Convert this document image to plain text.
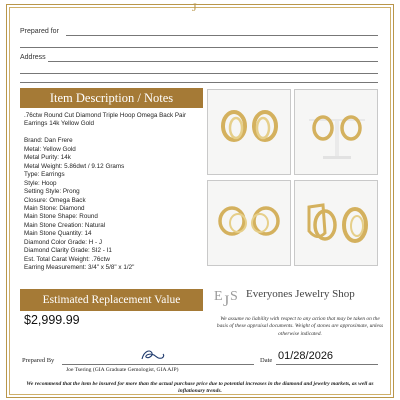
J
Prepared for
Address
Item Description / Notes
.76ctw Round Cut Diamond Triple Hoop Omega Back Pair Earrings 14k Yellow Gold
Brand: Dan Frere
Metal: Yellow Gold
Metal Purity: 14k
Metal Weight: 5.86dwt / 9.12 Grams
Type: Earrings
Style: Hoop
Setting Style: Prong
Closure: Omega Back
Main Stone: Diamond
Main Stone Shape: Round
Main Stone Creation: Natural
Main Stone Quantity: 14
Diamond Color Grade: H - J
Diamond Clarity Grade: SI2 - I1
Est. Total Carat Weight: .76ctw
Earring Measurement: 3/4" x 5/8" x 1/2"
Estimated Replacement Value
$2,999.99
E J S Everyones Jewelry Shop
We assume no liability with respect to any action that may be taken on the basis of these appraisal documents. Weight of stones are approximate, unless otherwise indicated.
Prepared By
Joe Tsering (GIA Graduate Gemologist, GIA AJP)
Date 01/28/2026
We recommend that the item be insured for more than the actual purchase price due to potential increases in the diamond and jewelry markets, as well as inflationary trends.
